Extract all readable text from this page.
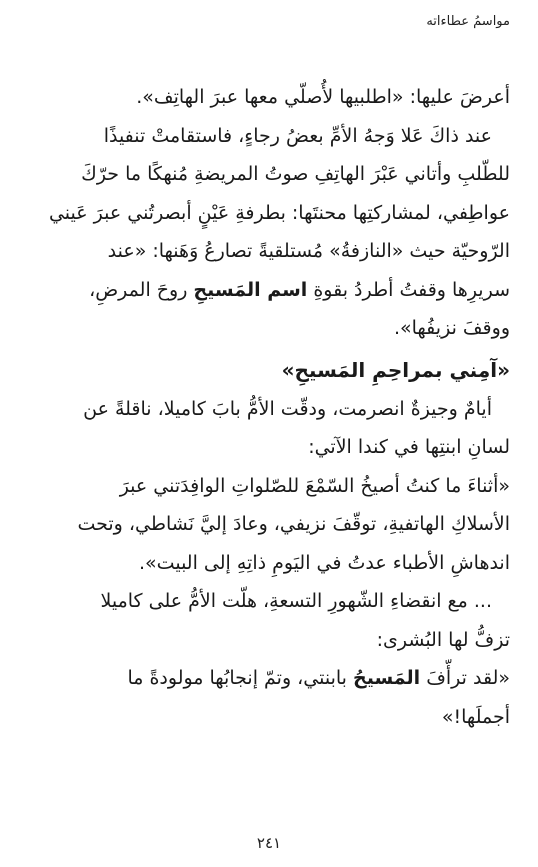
مواسمُ عطاءاته
أعرضَ عليها: «اطلبيها لأُصلّي معها عبرَ الهاتِف».
عند ذاكَ عَلا وَجهُ الأمِّ بعضُ رجاءٍ، فاستقامتْ تنفيذًا
للطّلبِ وأتاني عَبْرَ الهاتِفِ صوتُ المريضةِ مُنهكًا ما حرّكَ
عواطِفي، لمشاركتِها محنتَها: بطرفةِ عَيْنٍ أبصرتُني عبرَ عَيني
الرّوحيّة حيث «النازفةُ» مُستلقيةً تصارعُ وَهَنها: «عند
سريرِها وقفتُ أطردُ بقوةِ اسم المَسيحِ روحَ المرضِ،
ووقفَ نزيفُها».
«آمِني بمراحِمِ المَسيحِ»
أيامٌ وجيزةٌ انصرمت، ودقّت الأمُّ بابَ كاميلا، ناقلةً عن
لسانِ ابنتِها في كندا الآتي:
«أثناءَ ما كنتُ أصيخُ السّمْعَ للصّلواتِ الوافِدَتني عبرَ
الأسلاكِ الهاتفيةِ، توقّفَ نزيفي، وعادَ إليَّ نَشاطي، وتحت
اندهاشِ الأطباء عدتُ في اليَومِ ذاتِهِ إلى البيت».
... مع انقضاءِ الشّهورِ التسعةِ، هلّت الأمُّ على كاميلا
تزفُّ لها البُشرى:
«لقد ترأّفَ المَسيحُ بابنتي، وتمّ إنجابُها مولودةً ما
أجملَها!»
٢٤١
